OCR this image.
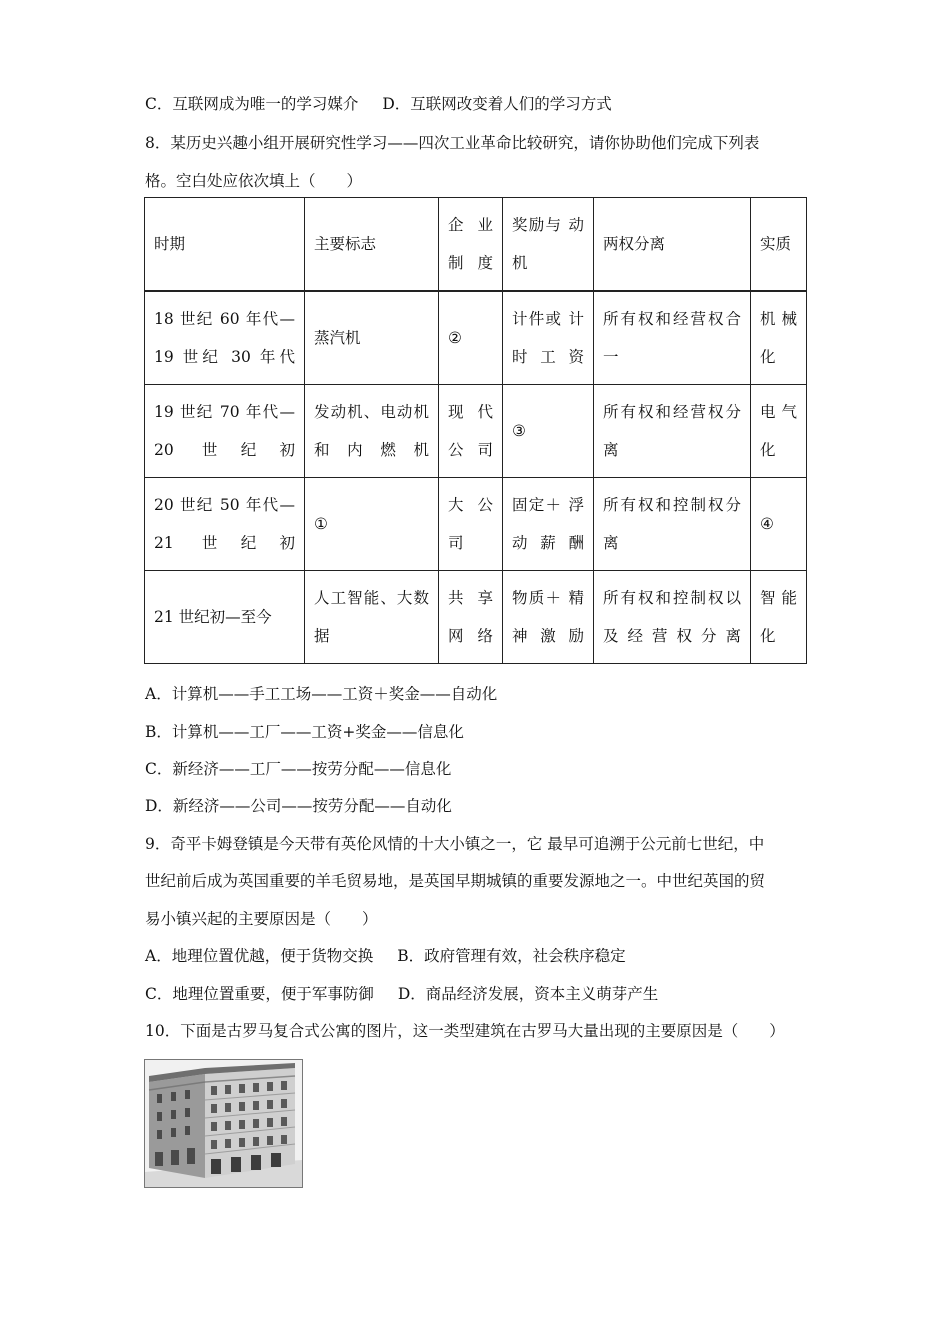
C．互联网成为唯一的学习媒介 D．互联网改变着人们的学习方式
8．某历史兴趣小组开展研究性学习——四次工业革命比较研究，请你协助他们完成下列表
格。空白处应依次填上（　　）
时期	主要标志	企 业 制度	奖励与 动机	两权分离	实质
18 世纪 60 年代—19 世纪 30 年代	蒸汽机	②	计件或 计时工资	所有权和经营权合一	机 械 化
19 世纪 70 年代—20 世纪初	发动机、电动机和内燃机	现 代 公司	③	所有权和经营权分离	电 气 化
20 世纪 50 年代—21 世纪初	①	大 公 司	固定＋ 浮动薪酬	所有权和控制权分离	④
21 世纪初—至今	人工智能、大数据	共 享 网络	物质＋ 精神激励	所有权和控制权以及经营权分离	智 能 化
A．计算机——手工工场——工资＋奖金——自动化
B．计算机——工厂——工资+奖金——信息化
C．新经济——工厂——按劳分配——信息化
D．新经济——公司——按劳分配——自动化
9．奇平卡姆登镇是今天带有英伦风情的十大小镇之一，它 最早可追溯于公元前七世纪，中
世纪前后成为英国重要的羊毛贸易地，是英国早期城镇的重要发源地之一。中世纪英国的贸
易小镇兴起的主要原因是（　　）
A．地理位置优越，便于货物交换 B．政府管理有效，社会秩序稳定
C．地理位置重要，便于军事防御 D．商品经济发展，资本主义萌芽产生
10．下面是古罗马复合式公寓的图片，这一类型建筑在古罗马大量出现的主要原因是（　　）
